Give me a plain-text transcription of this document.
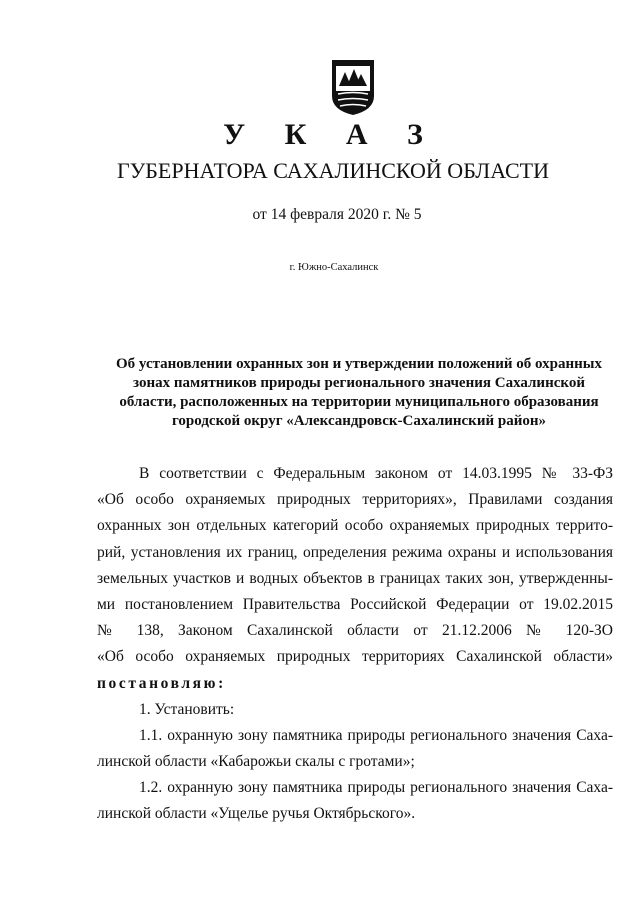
У К А З
ГУБЕРНАТОРА САХАЛИНСКОЙ ОБЛАСТИ
от 14 февраля 2020 г. № 5
г. Южно-Сахалинск
Об установлении охранных зон и утверждении положений об охранных
зонах памятников природы регионального значения Сахалинской
области, расположенных на территории муниципального образования
городской округ «Александровск-Сахалинский район»
В соответствии с Федеральным законом от 14.03.1995 № 33-ФЗ
«Об особо охраняемых природных территориях», Правилами создания
охранных зон отдельных категорий особо охраняемых природных террито-
рий, установления их границ, определения режима охраны и использования
земельных участков и водных объектов в границах таких зон, утвержденны-
ми постановлением Правительства Российской Федерации от 19.02.2015
№ 138, Законом Сахалинской области от 21.12.2006 № 120-ЗО
«Об особо охраняемых природных территориях Сахалинской области»
постановляю:
1. Установить:
1.1. охранную зону памятника природы регионального значения Саха-
линской области «Кабарожьи скалы с гротами»;
1.2. охранную зону памятника природы регионального значения Саха-
линской области «Ущелье ручья Октябрьского».
